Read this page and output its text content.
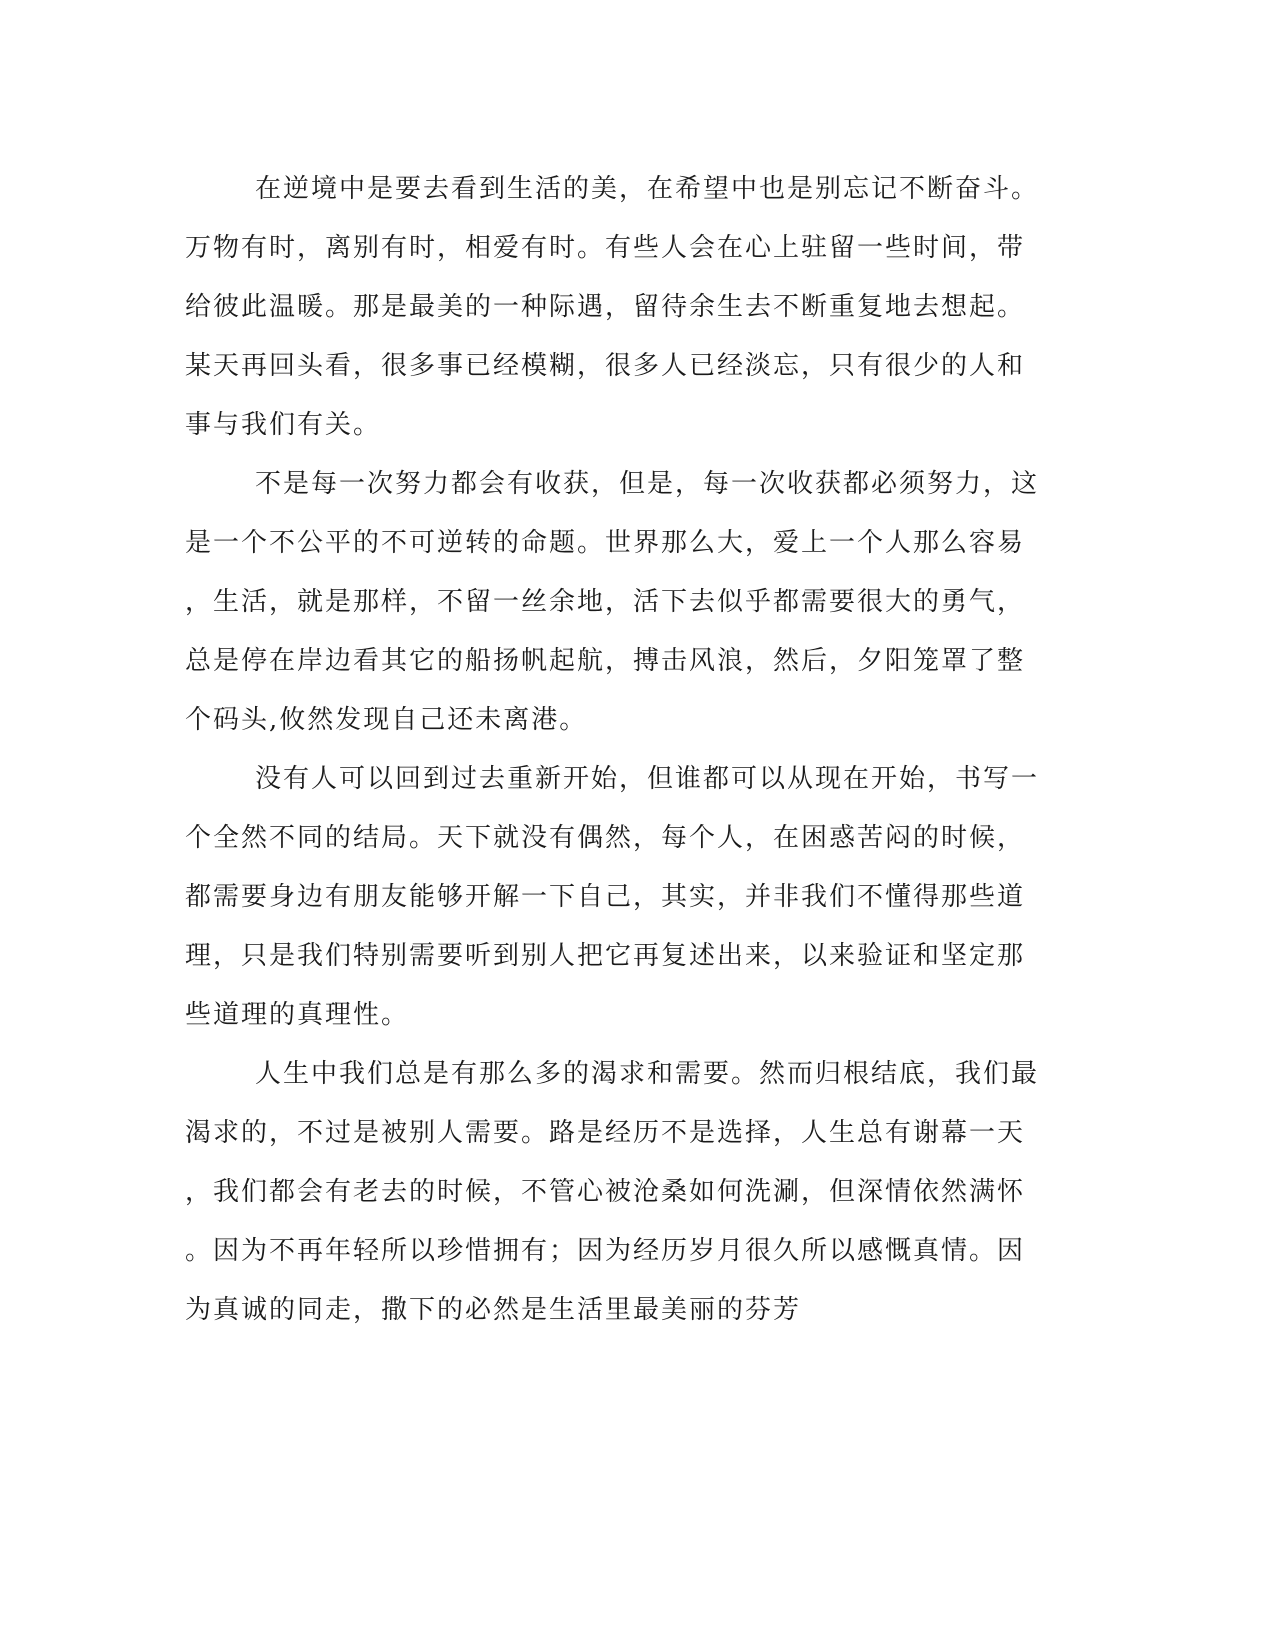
在逆境中是要去看到生活的美，在希望中也是别忘记不断奋斗。
万物有时，离别有时，相爱有时。有些人会在心上驻留一些时间，带
给彼此温暖。那是最美的一种际遇，留待余生去不断重复地去想起。
某天再回头看，很多事已经模糊，很多人已经淡忘，只有很少的人和
事与我们有关。
不是每一次努力都会有收获，但是，每一次收获都必须努力，这
是一个不公平的不可逆转的命题。世界那么大，爱上一个人那么容易
，生活，就是那样，不留一丝余地，活下去似乎都需要很大的勇气，
总是停在岸边看其它的船扬帆起航，搏击风浪，然后，夕阳笼罩了整
个码头,攸然发现自己还未离港。
没有人可以回到过去重新开始，但谁都可以从现在开始，书写一
个全然不同的结局。天下就没有偶然，每个人，在困惑苦闷的时候，
都需要身边有朋友能够开解一下自己，其实，并非我们不懂得那些道
理，只是我们特别需要听到别人把它再复述出来，以来验证和坚定那
些道理的真理性。
人生中我们总是有那么多的渴求和需要。然而归根结底，我们最
渴求的，不过是被别人需要。路是经历不是选择，人生总有谢幕一天
，我们都会有老去的时候，不管心被沧桑如何洗涮，但深情依然满怀
。因为不再年轻所以珍惜拥有；因为经历岁月很久所以感慨真情。因
为真诚的同走，撒下的必然是生活里最美丽的芬芳
